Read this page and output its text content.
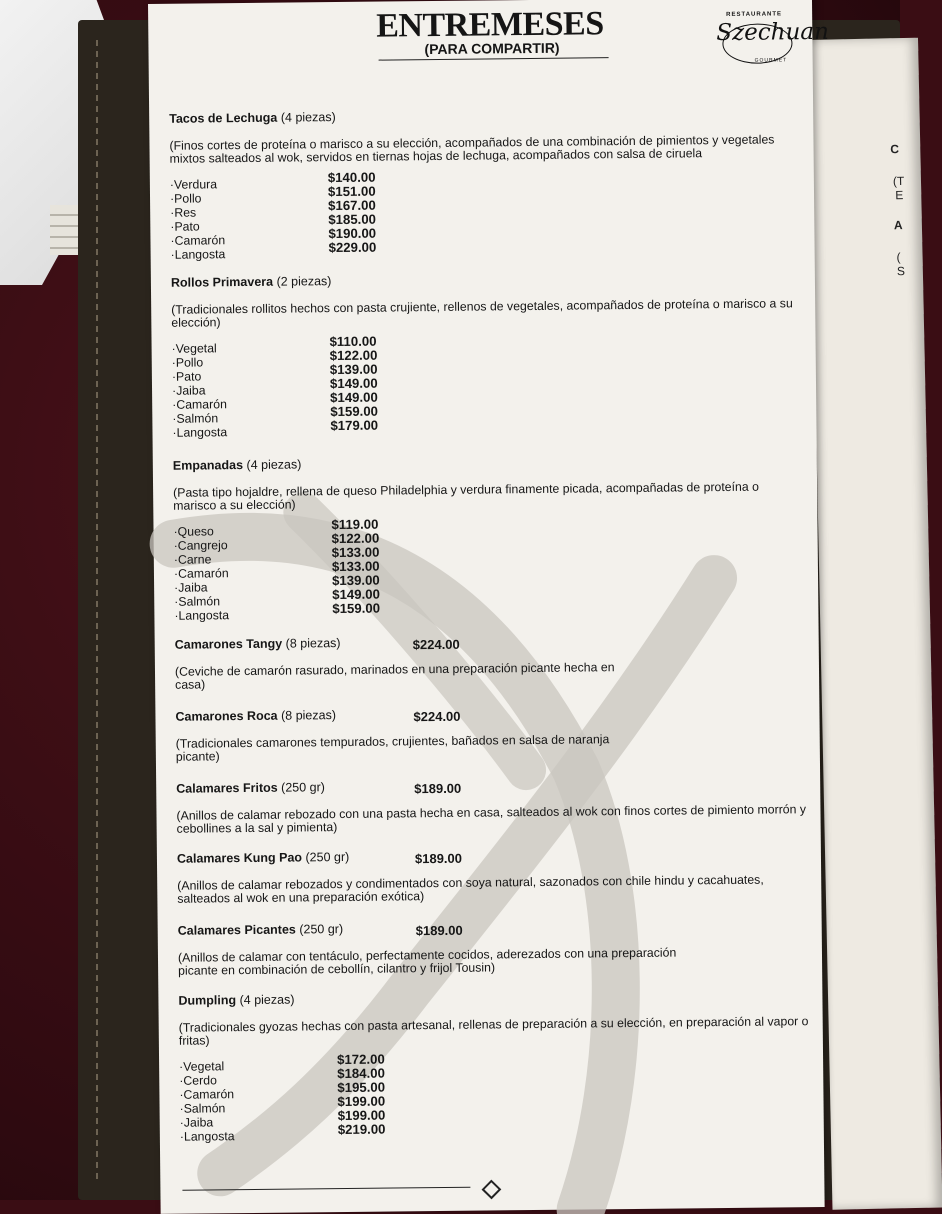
C
(T
E
A
(
S
ENTREMESES
(PARA COMPARTIR)
RESTAURANTE
Szechuan
GOURMET
Tacos de Lechuga (4 piezas)
(Finos cortes de proteína o marisco a su elección, acompañados de una combinación de pimientos y vegetales mixtos salteados al wok, servidos en tiernas hojas de lechuga, acompañados con salsa de ciruela
·Verdura	$140.00
·Pollo	$151.00
·Res	$167.00
·Pato	$185.00
·Camarón	$190.00
·Langosta	$229.00
Rollos Primavera (2 piezas)
(Tradicionales rollitos hechos con pasta crujiente, rellenos de vegetales, acompañados de proteína o marisco a su elección)
·Vegetal	$110.00
·Pollo	$122.00
·Pato	$139.00
·Jaiba	$149.00
·Camarón	$149.00
·Salmón	$159.00
·Langosta	$179.00
Empanadas (4 piezas)
(Pasta tipo hojaldre, rellena de queso Philadelphia y verdura finamente picada, acompañadas de proteína o marisco a su elección)
·Queso	$119.00
·Cangrejo	$122.00
·Carne	$133.00
·Camarón	$133.00
·Jaiba	$139.00
·Salmón	$149.00
·Langosta	$159.00
Camarones Tangy (8 piezas)	$224.00
(Ceviche de camarón rasurado, marinados en una preparación picante hecha en casa)
Camarones Roca (8 piezas)	$224.00
(Tradicionales camarones tempurados, crujientes, bañados en salsa de naranja picante)
Calamares Fritos (250 gr)	$189.00
(Anillos de calamar rebozado con una pasta hecha en casa, salteados al wok con finos cortes de pimiento morrón y cebollines a la sal y pimienta)
Calamares Kung Pao (250 gr)	$189.00
(Anillos de calamar rebozados y condimentados con soya natural, sazonados con chile hindu y cacahuates, salteados al wok en una preparación exótica)
Calamares Picantes (250 gr)	$189.00
(Anillos de calamar con tentáculo, perfectamente cocidos, aderezados con una preparación picante en combinación de cebollín, cilantro y frijol Tousin)
Dumpling (4 piezas)
(Tradicionales gyozas hechas con pasta artesanal, rellenas de preparación a su elección, en preparación al vapor o fritas)
·Vegetal	$172.00
·Cerdo	$184.00
·Camarón	$195.00
·Salmón	$199.00
·Jaiba	$199.00
·Langosta	$219.00
